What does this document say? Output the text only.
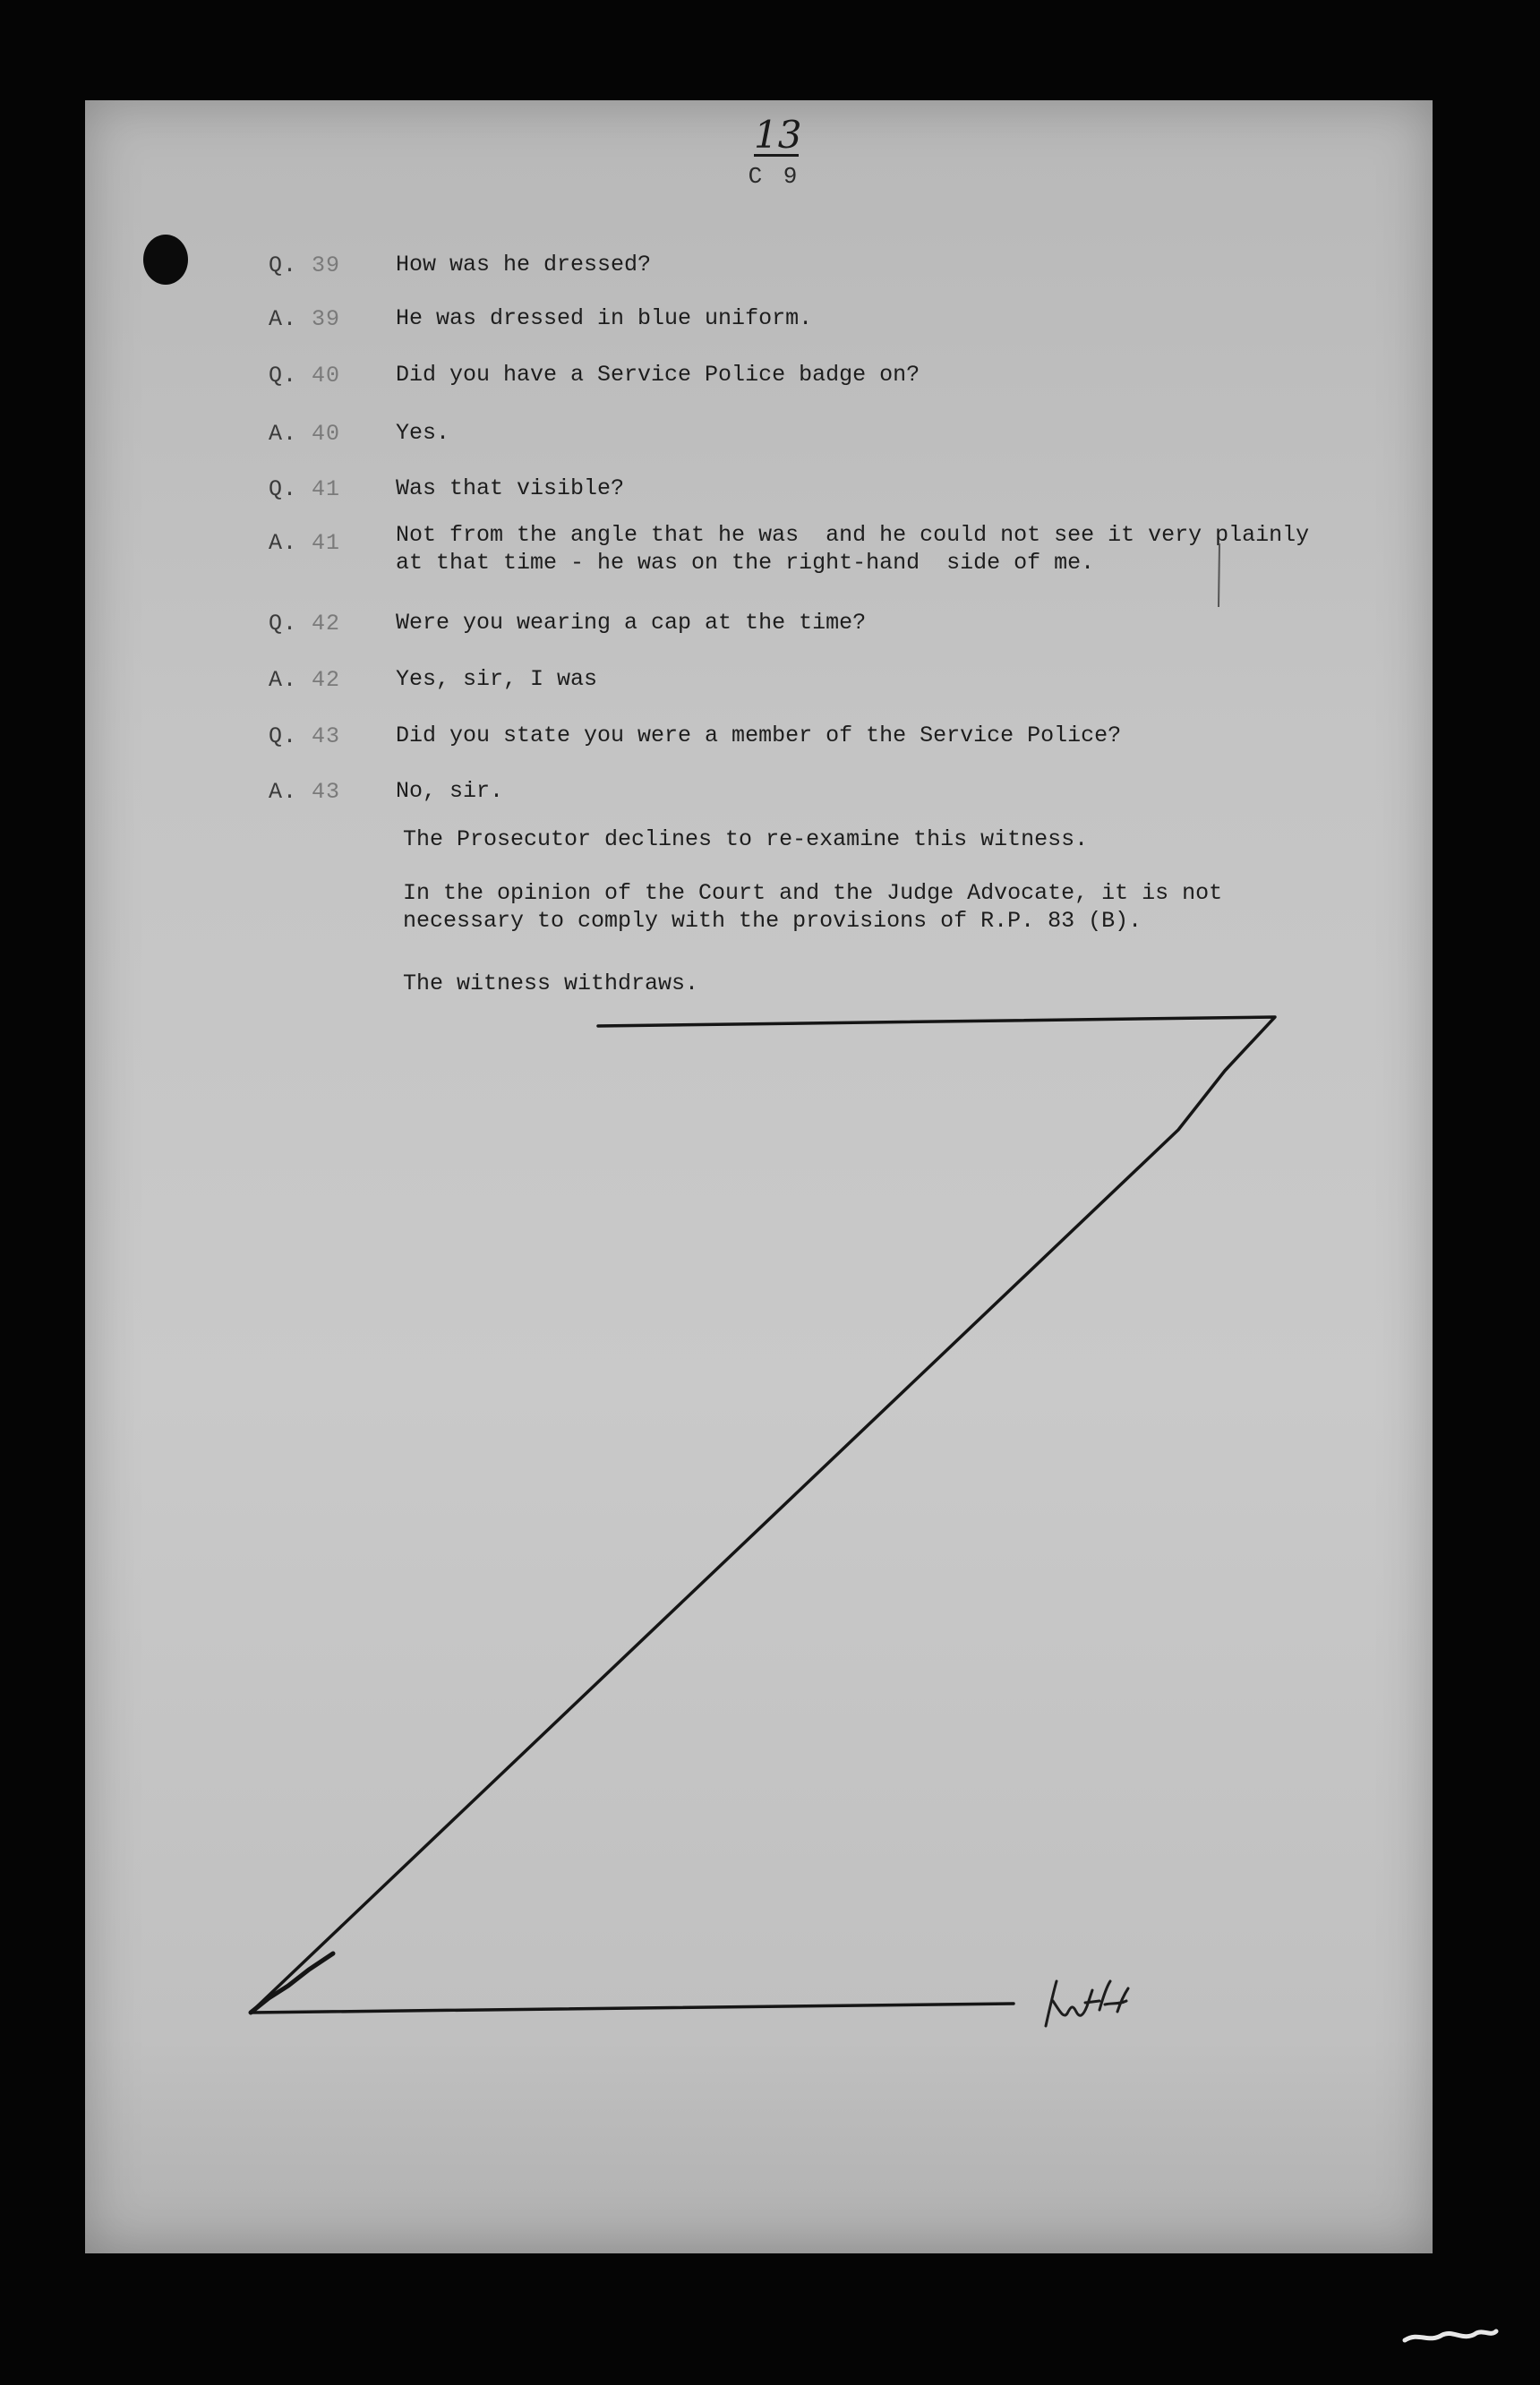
13
C 9
Q. 39 How was he dressed?
A. 39 He was dressed in blue uniform.
Q. 40 Did you have a Service Police badge on?
A. 40 Yes.
Q. 41 Was that visible?
A. 41 Not from the angle that he was  and he could not see it very plainly
at that time - he was on the right-hand  side of me.
Q. 42 Were you wearing a cap at the time?
A. 42 Yes, sir, I was
Q. 43 Did you state you were a member of the Service Police?
A. 43 No, sir.
The Prosecutor declines to re-examine this witness.
In the opinion of the Court and the Judge Advocate, it is not
necessary to comply with the provisions of R.P. 83 (B).
The witness withdraws.
